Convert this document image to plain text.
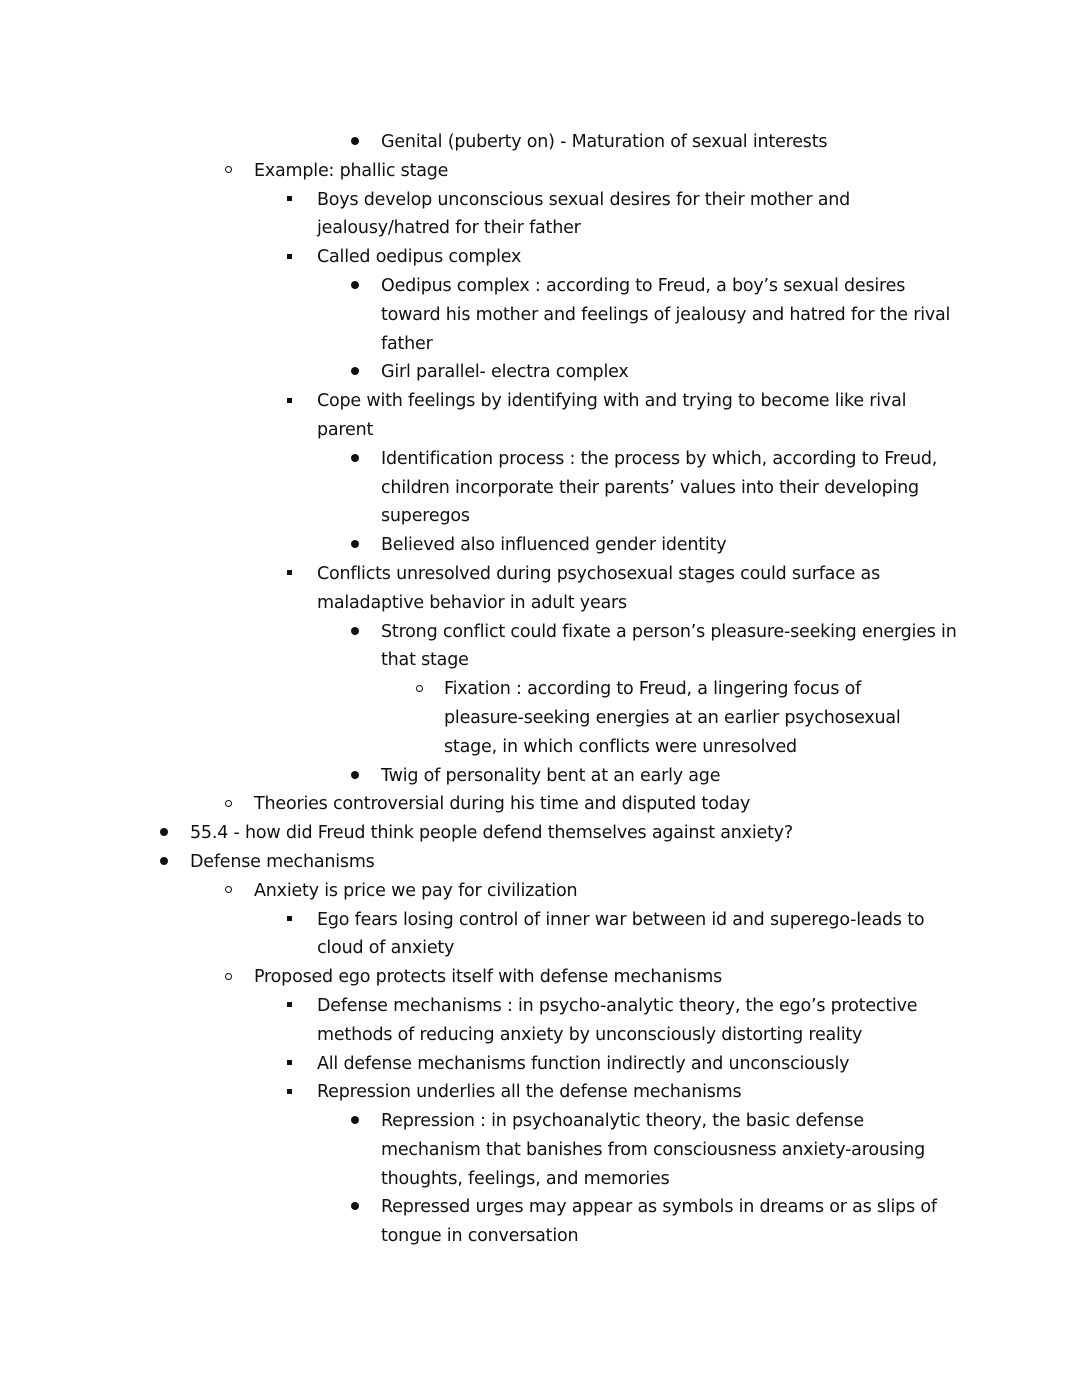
Genital (puberty on) - Maturation of sexual interests
Example: phallic stage
Boys develop unconscious sexual desires for their mother and jealousy/hatred for their father
Called oedipus complex
Oedipus complex : according to Freud, a boy’s sexual desires toward his mother and feelings of jealousy and hatred for the rival father
Girl parallel- electra complex
Cope with feelings by identifying with and trying to become like rival parent
Identification process : the process by which, according to Freud, children incorporate their parents’ values into their developing superegos
Believed also influenced gender identity
Conflicts unresolved during psychosexual stages could surface as maladaptive behavior in adult years
Strong conflict could fixate a person’s pleasure-seeking energies in that stage
Fixation : according to Freud, a lingering focus of pleasure-seeking energies at an earlier psychosexual stage, in which conflicts were unresolved
Twig of personality bent at an early age
Theories controversial during his time and disputed today
55.4 - how did Freud think people defend themselves against anxiety?
Defense mechanisms
Anxiety is price we pay for civilization
Ego fears losing control of inner war between id and superego-leads to cloud of anxiety
Proposed ego protects itself with defense mechanisms
Defense mechanisms : in psycho-analytic theory, the ego’s protective methods of reducing anxiety by unconsciously distorting reality
All defense mechanisms function indirectly and unconsciously
Repression underlies all the defense mechanisms
Repression : in psychoanalytic theory, the basic defense mechanism that banishes from consciousness anxiety-arousing thoughts, feelings, and memories
Repressed urges may appear as symbols in dreams or as slips of tongue in conversation
